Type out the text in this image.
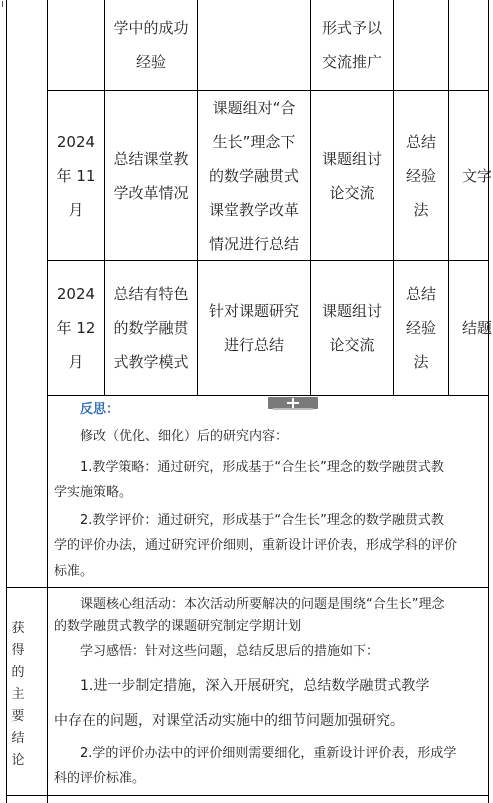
学中的成功
经验
形式予以
交流推广
2024
年 11
月
总结课堂教
学改革情况
课题组对“合
生长”理念下
的数学融贯式
课堂教学改革
情况进行总结
课题组讨
论交流
总结
经验
法
文字
2024
年 12
月
总结有特色
的数学融贯
式教学模式
针对课题研究
进行总结
课题组讨
论交流
总结
经验
法
结题
反思：
修改（优化、细化）后的研究内容：
1.教学策略：通过研究，形成基于“合生长”理念的数学融贯式教
学实施策略。
2.教学评价：通过研究，形成基于“合生长”理念的数学融贯式教
学的评价办法，通过研究评价细则，重新设计评价表，形成学科的评价
标准。
获
得
的
主
要
结
论
课题核心组活动：本次活动所要解决的问题是围绕“合生长”理念
的数学融贯式教学的课题研究制定学期计划
学习感悟：针对这些问题，总结反思后的措施如下：
1.进一步制定措施，深入开展研究，总结数学融贯式教学
中存在的问题，对课堂活动实施中的细节问题加强研究。
2.学的评价办法中的评价细则需要细化，重新设计评价表，形成学
科的评价标准。
